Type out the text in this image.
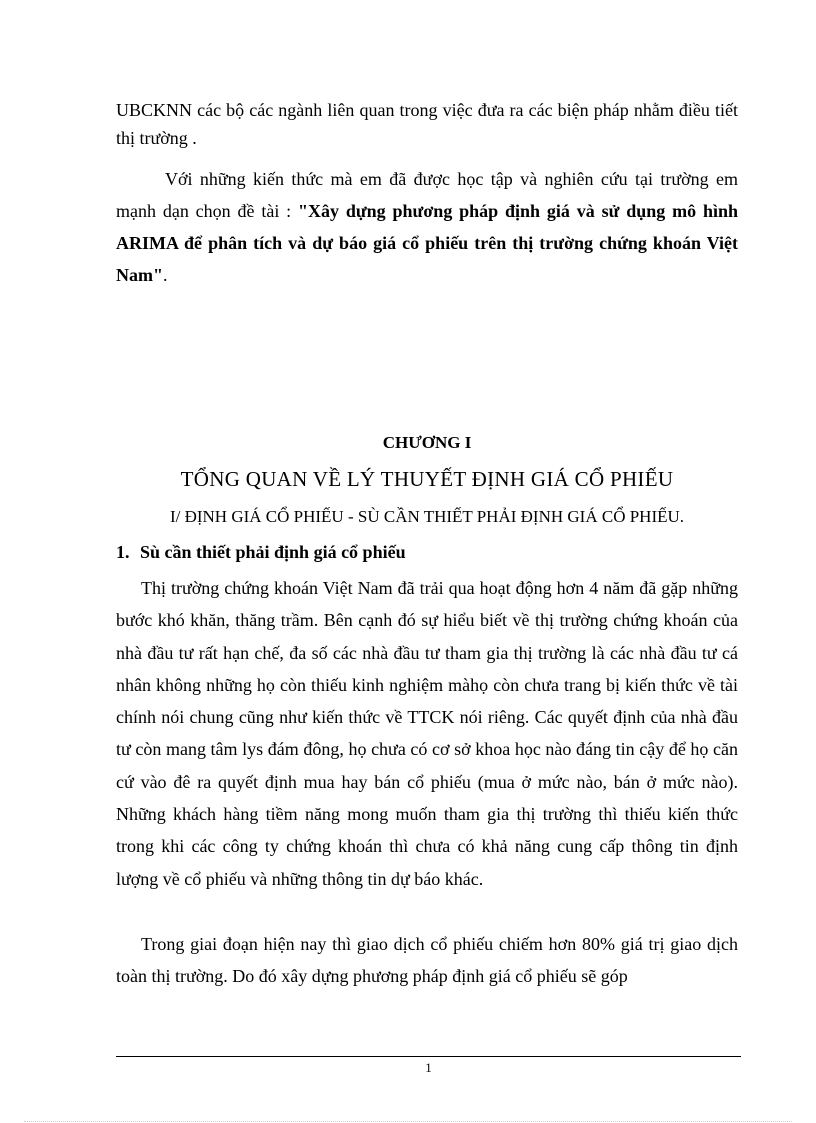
UBCKNN các bộ các ngành liên quan trong việc đưa ra các biện pháp nhằm điều tiết thị trường .
Với những kiến thức mà em đã được học tập và nghiên cứu tại trường em mạnh dạn chọn đề tài : "Xây dựng phương pháp định giá và sử dụng mô hình ARIMA để phân tích và dự báo giá cổ phiếu trên thị trường chứng khoán Việt Nam".
CHƯƠNG I
TỔNG QUAN VỀ LÝ THUYẾT ĐỊNH GIÁ CỔ PHIẾU
I/ ĐỊNH GIÁ CỔ PHIẾU - SÙ CẦN THIẾT PHẢI ĐỊNH GIÁ CỔ PHIẾU.
1. Sù cần thiết phải định giá cổ phiếu
Thị trường chứng khoán Việt Nam đã trải qua hoạt động hơn 4 năm đã gặp những bước khó khăn, thăng trầm. Bên cạnh đó sự hiểu biết về thị trường chứng khoán của nhà đầu tư rất hạn chế, đa số các nhà đầu tư tham gia thị trường là các nhà đầu tư cá nhân không những họ còn thiếu kinh nghiệm màhọ còn chưa trang bị kiến thức về tài chính nói chung cũng như kiến thức về TTCK nói riêng. Các quyết định của nhà đầu tư còn mang tâm lys đám đông, họ chưa có cơ sở khoa học nào đáng tin cậy để họ căn cứ vào đê ra quyết định mua hay bán cổ phiếu (mua ở mức nào, bán ở mức nào). Những khách hàng tiềm năng mong muốn tham gia thị trường thì thiếu kiến thức trong khi các công ty chứng khoán thì chưa có khả năng cung cấp thông tin định lượng về cổ phiếu và những thông tin dự báo khác.
Trong giai đoạn hiện nay thì giao dịch cổ phiếu chiếm hơn 80% giá trị giao dịch toàn thị trường. Do đó xây dựng phương pháp định giá cổ phiếu sẽ góp
1
